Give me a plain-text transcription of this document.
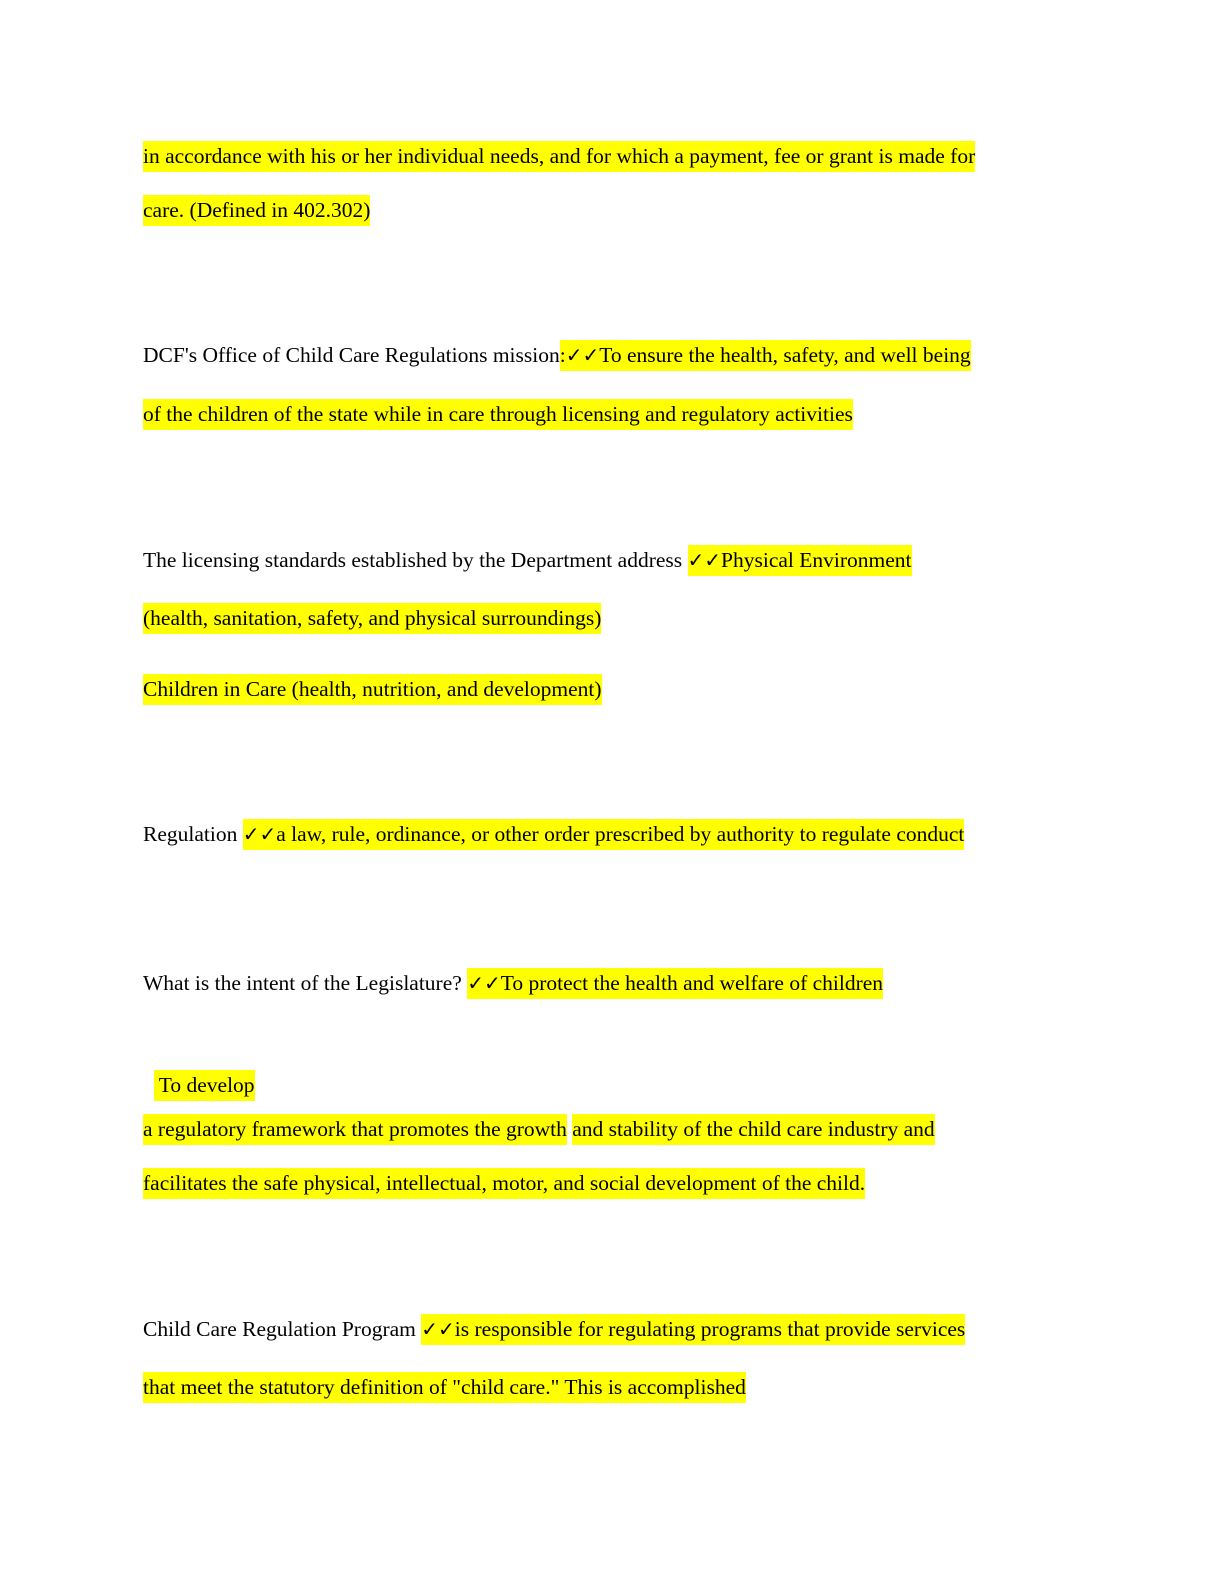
in accordance with his or her individual needs, and for which a payment, fee or grant is made for
care. (Defined in 402.302)
DCF's Office of Child Care Regulations mission:✓✓To ensure the health, safety, and well being
of the children of the state while in care through licensing and regulatory activities
The licensing standards established by the Department address ✓✓Physical Environment
(health, sanitation, safety, and physical surroundings)
Children in Care (health, nutrition, and development)
Regulation ✓✓a law, rule, ordinance, or other order prescribed by authority to regulate conduct
What is the intent of the Legislature? ✓✓To protect the health and welfare of children

To develop

a regulatory framework that promotes the growth and stability of the child care industry and
facilitates the safe physical, intellectual, motor, and social development of the child.
Child Care Regulation Program ✓✓is responsible for regulating programs that provide services
that meet the statutory definition of "child care." This is accomplished
